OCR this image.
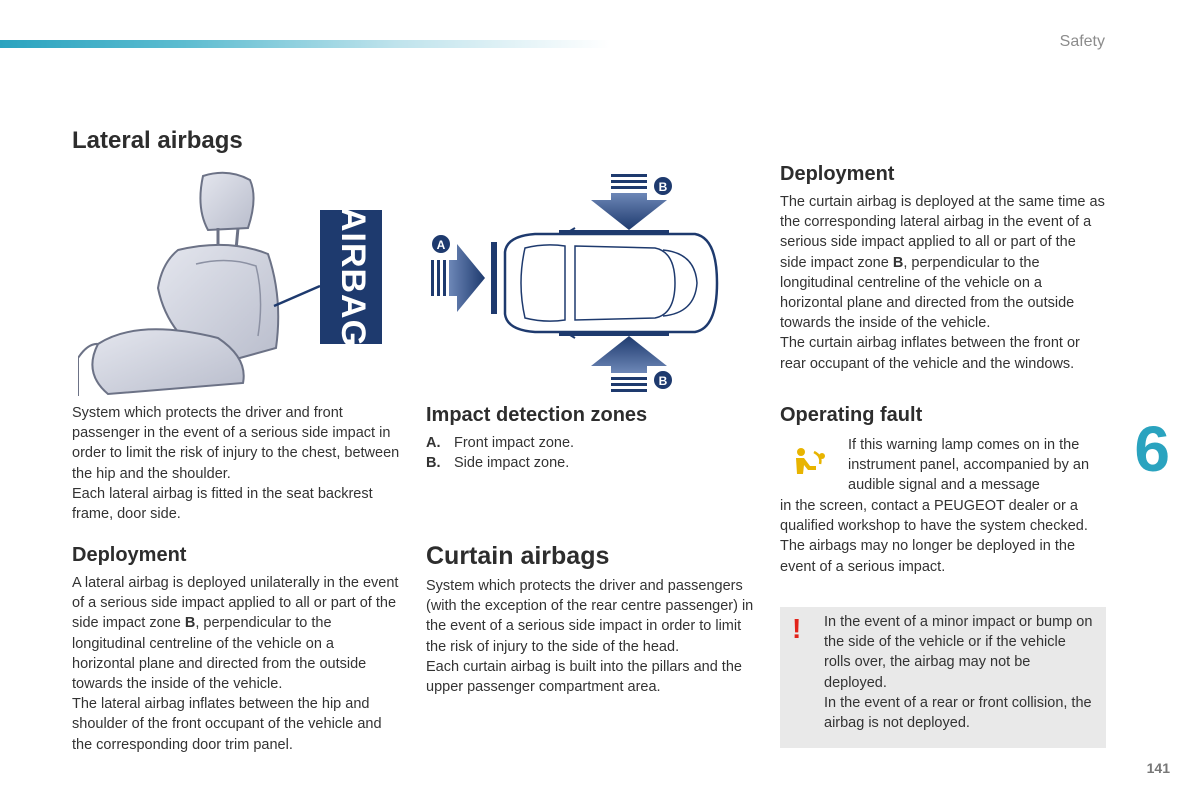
Safety
Lateral airbags
AIRBAG

System which protects the driver and front passenger in the event of a serious side impact in order to limit the risk of injury to the chest, between the hip and the shoulder.

Each lateral airbag is fitted in the seat backrest frame, door side.

Deployment

A lateral airbag is deployed unilaterally in the event of a serious side impact applied to all or part of the side impact zone B, perpendicular to the longitudinal centreline of the vehicle on a horizontal plane and directed from the outside towards the inside of the vehicle.

The lateral airbag inflates between the hip and shoulder of the front occupant of the vehicle and the corresponding door trim panel.

B
B
A
Impact detection zones
A. Front impact zone.
B. Side impact zone.
Curtain airbags

System which protects the driver and passengers (with the exception of the rear centre passenger) in the event of a serious side impact in order to limit the risk of injury to the side of the head.

Each curtain airbag is built into the pillars and the upper passenger compartment area.

Deployment

The curtain airbag is deployed at the same time as the corresponding lateral airbag in the event of a serious side impact applied to all or part of the side impact zone B, perpendicular to the longitudinal centreline of the vehicle on a horizontal plane and directed from the outside towards the inside of the vehicle.

The curtain airbag inflates between the front or rear occupant of the vehicle and the windows.

Operating fault
If this warning lamp comes on in the instrument panel, accompanied by an audible signal and a message
in the screen, contact a PEUGEOT dealer or a qualified workshop to have the system checked. The airbags may no longer be deployed in the event of a serious impact.
! In the event of a minor impact or bump on the side of the vehicle or if the vehicle rolls over, the airbag may not be deployed.

In the event of a rear or front collision, the airbag is not deployed.

6
141
